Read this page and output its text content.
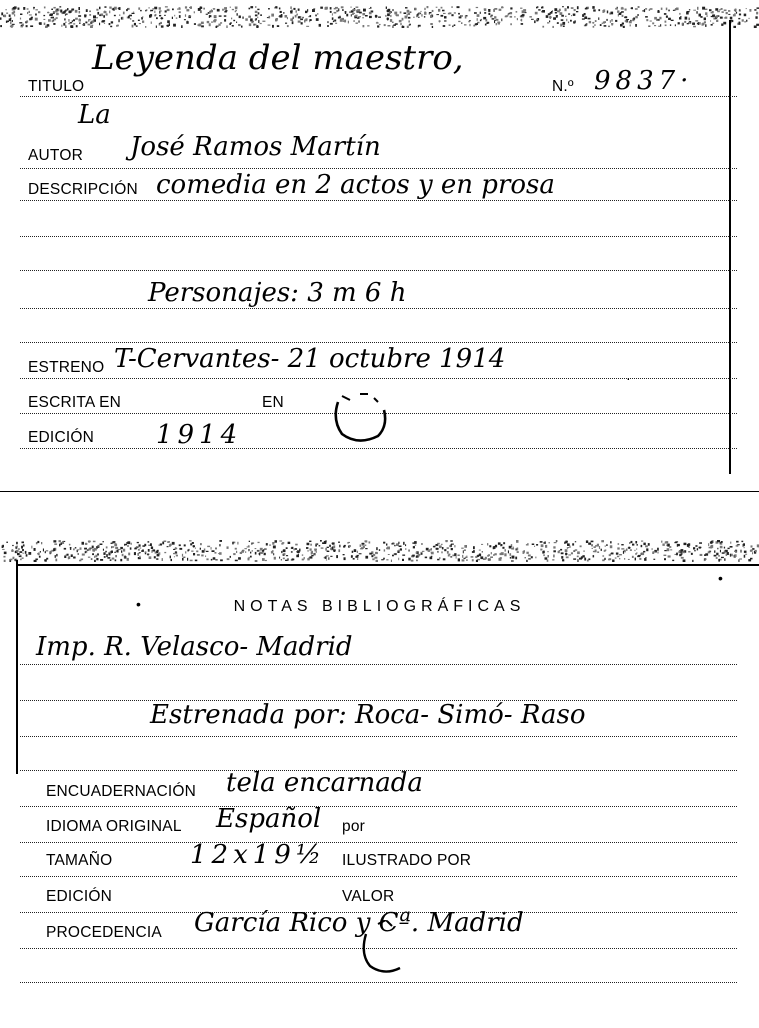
TITULO
Leyenda del maestro,
N.º 9837·
La
AUTOR José Ramos Martín
DESCRIPCIÓN comedia en 2 actos y en prosa
Personajes: 3 m 6 h
ESTRENO T-Cervantes- 21 octubre 1914
ESCRITA EN	EN
EDICIÓN 1914
·
NOTAS BIBLIOGRÁFICAS
Imp. R. Velasco- Madrid
Estrenada por: Roca- Simó- Raso
ENCUADERNACIÓN tela encarnada
IDIOMA ORIGINAL Español por
TAMAÑO	12x19½ ILUSTRADO POR
EDICIÓN	VALOR
PROCEDENCIA García Rico y Cª. Madrid
•
•
